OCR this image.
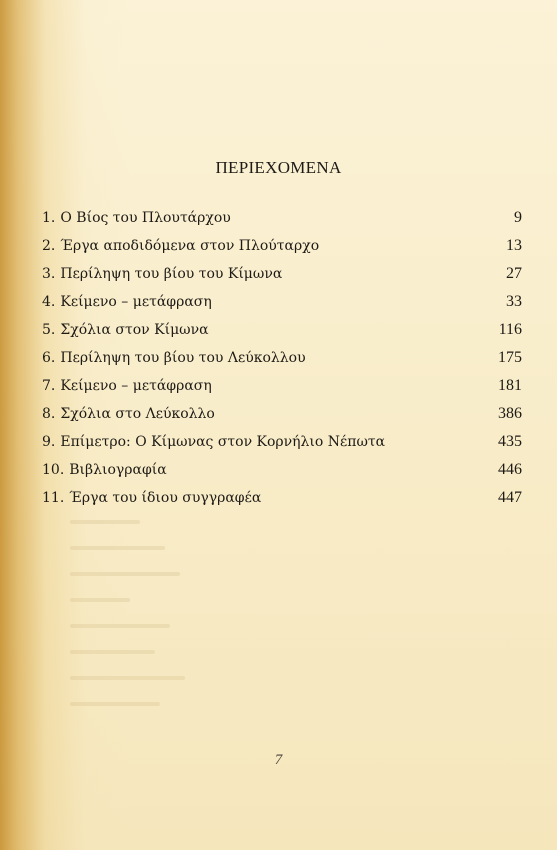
ΠΕΡΙΕΧΟΜΕΝΑ
1. Ο Βίος του Πλουτάρχου	9
2. Έργα αποδιδόμενα στον Πλούταρχο	13
3. Περίληψη του βίου του Κίμωνα	27
4. Κείμενο – μετάφραση	33
5. Σχόλια στον Κίμωνα	116
6. Περίληψη του βίου του Λεύκολλου	175
7. Κείμενο – μετάφραση	181
8. Σχόλια στο Λεύκολλο	386
9. Επίμετρο: Ο Κίμωνας στον Κορνήλιο Νέπωτα	435
10. Βιβλιογραφία	446
11. Έργα του ίδιου συγγραφέα	447
7
